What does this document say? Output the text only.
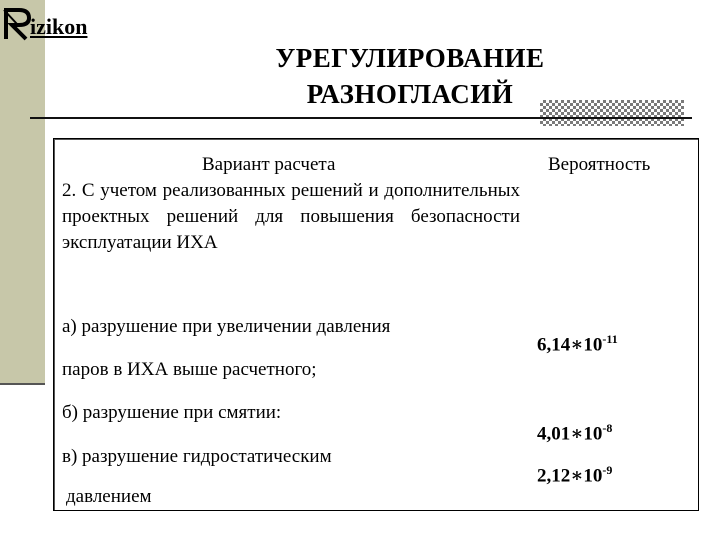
izikon
УРЕГУЛИРОВАНИЕ
РАЗНОГЛАСИЙ

Вариант расчета	Вероятность

2. С учетом реализованных решений и дополнительных проектных решений для повышения безопасности эксплуатации ИХА

а) разрушение при увеличении давления

паров в ИХА выше расчетного;

$6,14∗10^{-11}$

б) разрушение при смятии:

$4,01∗10^{-8}$

в) разрушение гидростатическим

$2,12∗10^{-9}$

давлением
